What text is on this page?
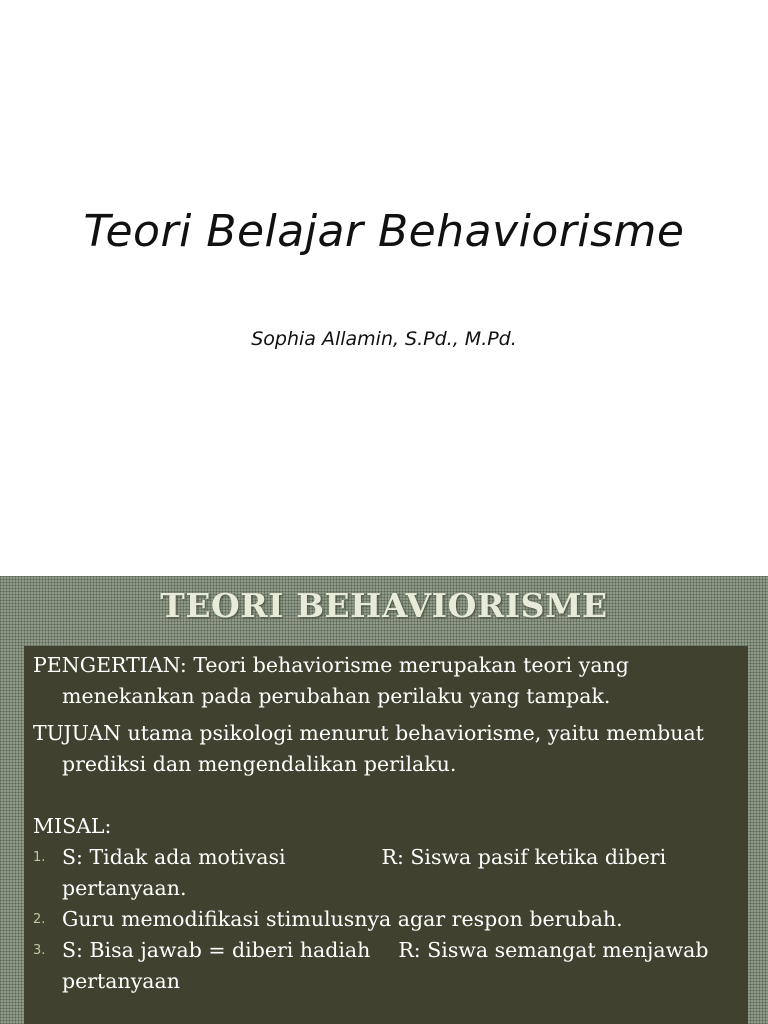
Teori Belajar Behaviorisme
Sophia Allamin, S.Pd., M.Pd.
TEORI BEHAVIORISME

PENGERTIAN: Teori behaviorisme merupakan teori yang menekankan pada perubahan perilaku yang tampak.

TUJUAN utama psikologi menurut behaviorisme, yaitu membuat prediksi dan mengendalikan perilaku.

MISAL:
1. S: Tidak ada motivasi	R: Siswa pasif ketika diberi pertanyaan.
2. Guru memodifikasi stimulusnya agar respon berubah.
3. S: Bisa jawab = diberi hadiah R: Siswa semangat menjawab pertanyaan
